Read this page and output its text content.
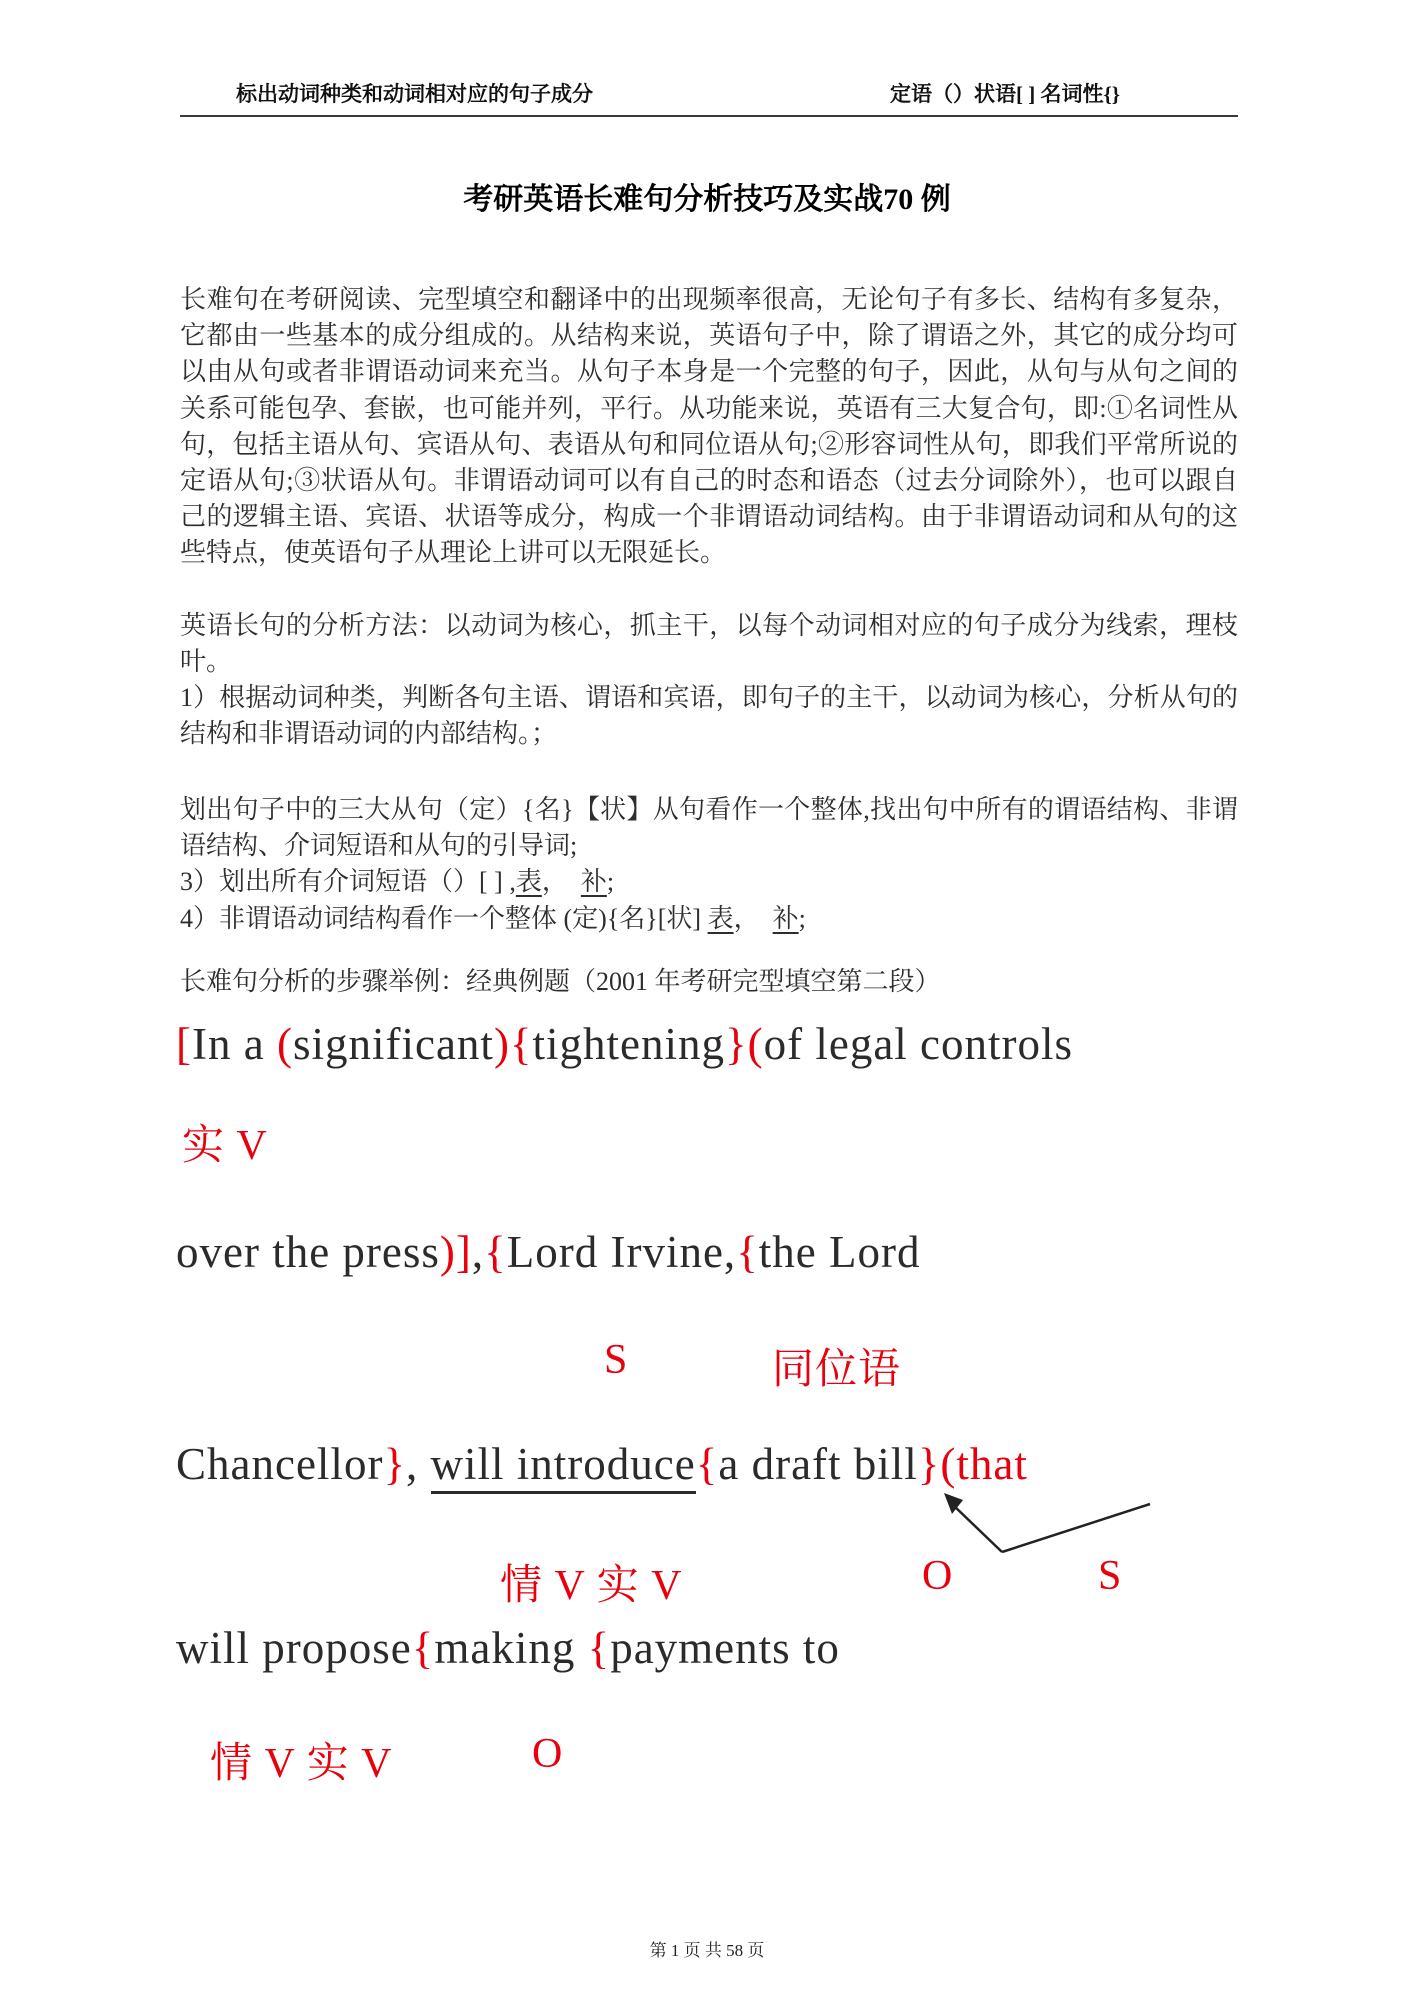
标出动词种类和动词相对应的句子成分	定语（）状语[ ] 名词性{}
考研英语长难句分析技巧及实战70 例
长难句在考研阅读、完型填空和翻译中的出现频率很高，无论句子有多长、结构有多复杂，它都由一些基本的成分组成的。从结构来说，英语句子中，除了谓语之外，其它的成分均可以由从句或者非谓语动词来充当。从句子本身是一个完整的句子，因此，从句与从句之间的关系可能包孕、套嵌，也可能并列，平行。从功能来说，英语有三大复合句，即:①名词性从句，包括主语从句、宾语从句、表语从句和同位语从句;②形容词性从句，即我们平常所说的定语从句;③状语从句。非谓语动词可以有自己的时态和语态（过去分词除外），也可以跟自己的逻辑主语、宾语、状语等成分，构成一个非谓语动词结构。由于非谓语动词和从句的这些特点，使英语句子从理论上讲可以无限延长。
英语长句的分析方法：以动词为核心，抓主干，以每个动词相对应的句子成分为线索，理枝叶。
1）根据动词种类，判断各句主语、谓语和宾语，即句子的主干，以动词为核心，分析从句的结构和非谓语动词的内部结构。；

划出句子中的三大从句（定）{名}【状】从句看作一个整体,找出句中所有的谓语结构、非谓语结构、介词短语和从句的引导词;

3）划出所有介词短语（）[ ] ,表，　补;

4）非谓语动词结构看作一个整体 (定){名}[状] 表，　补;

长难句分析的步骤举例：经典例题（2001 年考研完型填空第二段）
[In a (significant){tightening}(of legal controls
实 V
over the press)],{Lord Irvine,{the Lord
S	同位语
Chancellor}, will introduce{a draft bill}(that
情 V 实 V	O	S
will propose{making {payments to
情 V 实 V	O
第 1 页 共 58 页
